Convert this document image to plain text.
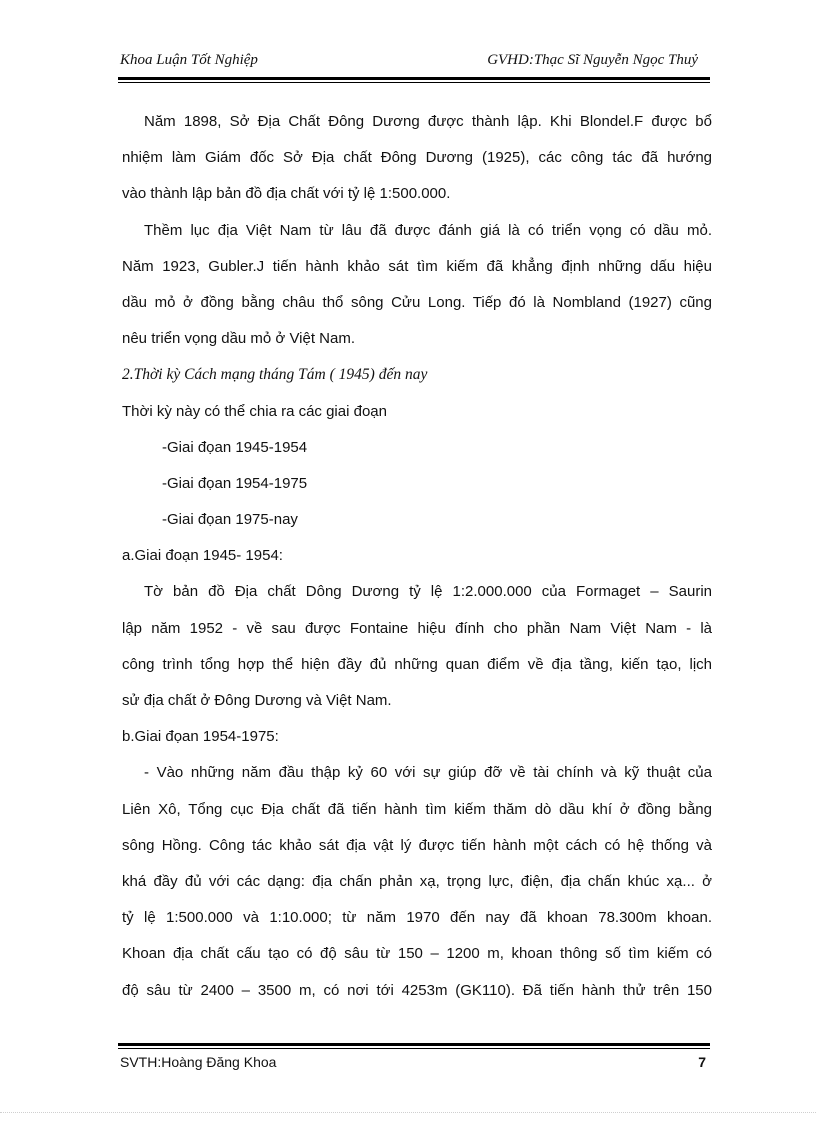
Khoa Luận Tốt Nghiệp	GVHD:Thạc Sĩ Nguyễn Ngọc Thuỷ
Năm 1898, Sở Địa Chất Đông Dương được thành lập. Khi Blondel.F được bổ
nhiệm làm Giám đốc Sở Địa chất Đông Dương (1925), các công tác đã hướng
vào thành lập bản đồ địa chất với tỷ lệ 1:500.000.
Thềm lục địa Việt Nam từ lâu đã được đánh giá là có triển vọng có dầu mỏ.
Năm 1923, Gubler.J tiến hành khảo sát tìm kiếm đã khẳng định những dấu hiệu
dầu mỏ ở đồng bằng châu thổ sông Cửu Long. Tiếp đó là Nombland (1927) cũng
nêu triển vọng dầu mỏ ở Việt Nam.
2.Thời kỳ Cách mạng tháng Tám ( 1945) đến nay
Thời kỳ này có thể chia ra các giai đoạn
-Giai đọan 1945-1954
-Giai đọan 1954-1975
-Giai đọan 1975-nay
a.Giai đoạn 1945- 1954:
Tờ bản đồ Địa chất Dông Dương tỷ lệ 1:2.000.000 của Formaget – Saurin
lập năm 1952 - về sau được Fontaine hiệu đính cho phần Nam Việt Nam - là
công trình tổng hợp thể hiện đầy đủ những quan điểm về địa tầng, kiến tạo, lịch
sử địa chất ở Đông Dương và Việt Nam.
b.Giai đọan 1954-1975:
- Vào những năm đầu thập kỷ 60 với sự giúp đỡ về tài chính và kỹ thuật của
Liên Xô, Tổng cục Địa chất đã tiến hành tìm kiếm thăm dò dầu khí ở đồng bằng
sông Hồng. Công tác khảo sát địa vật lý được tiến hành một cách có hệ thống và
khá đầy đủ với các dạng: địa chấn phản xạ, trọng lực, điện, địa chấn khúc xạ... ở
tỷ lệ 1:500.000 và 1:10.000; từ năm 1970 đến nay đã khoan 78.300m khoan.
Khoan địa chất cấu tạo có độ sâu từ 150 – 1200 m, khoan thông số tìm kiếm có
độ sâu từ 2400 – 3500 m, có nơi tới 4253m (GK110). Đã tiến hành thử trên 150
SVTH:Hoàng Đăng Khoa	7
